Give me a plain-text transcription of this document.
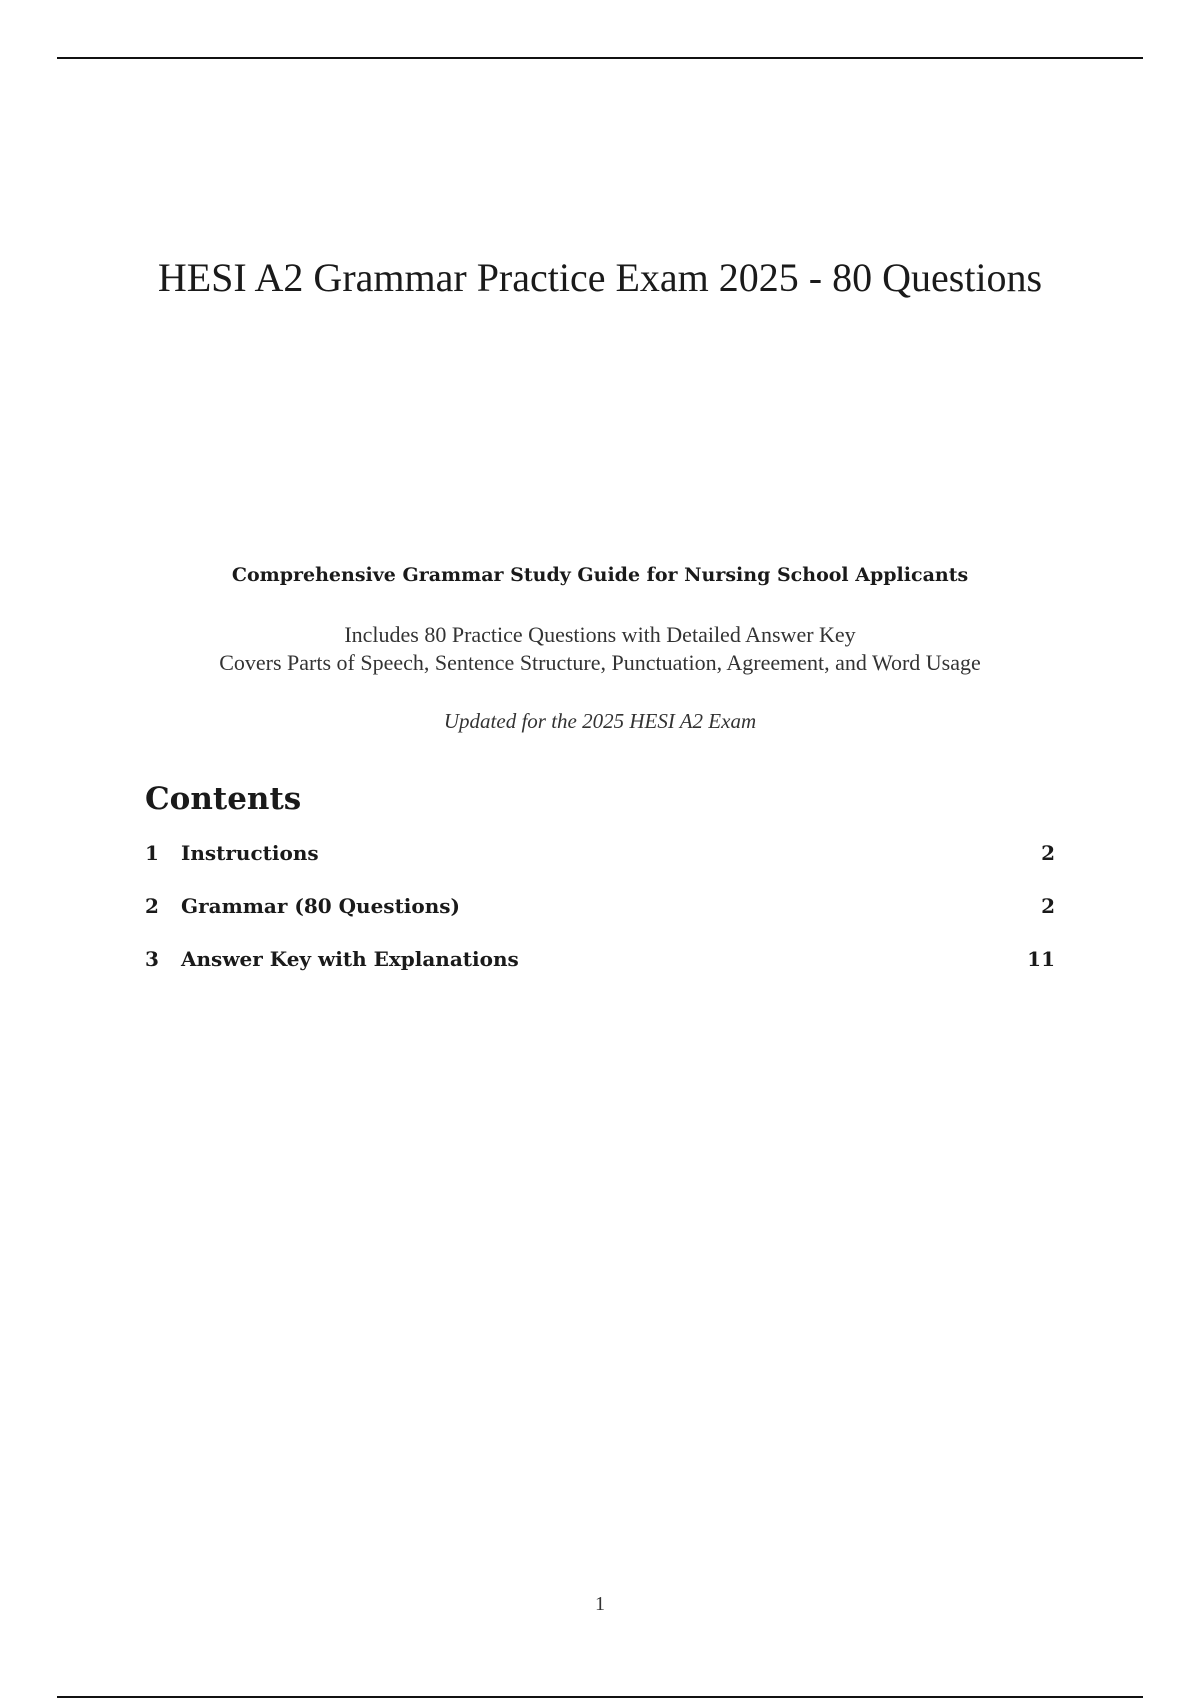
HESI A2 Grammar Practice Exam 2025 - 80 Questions
Comprehensive Grammar Study Guide for Nursing School Applicants
Includes 80 Practice Questions with Detailed Answer Key
Covers Parts of Speech, Sentence Structure, Punctuation, Agreement, and Word Usage
Updated for the 2025 HESI A2 Exam
Contents
1 Instructions	2
2 Grammar (80 Questions)	2
3 Answer Key with Explanations	11
1
